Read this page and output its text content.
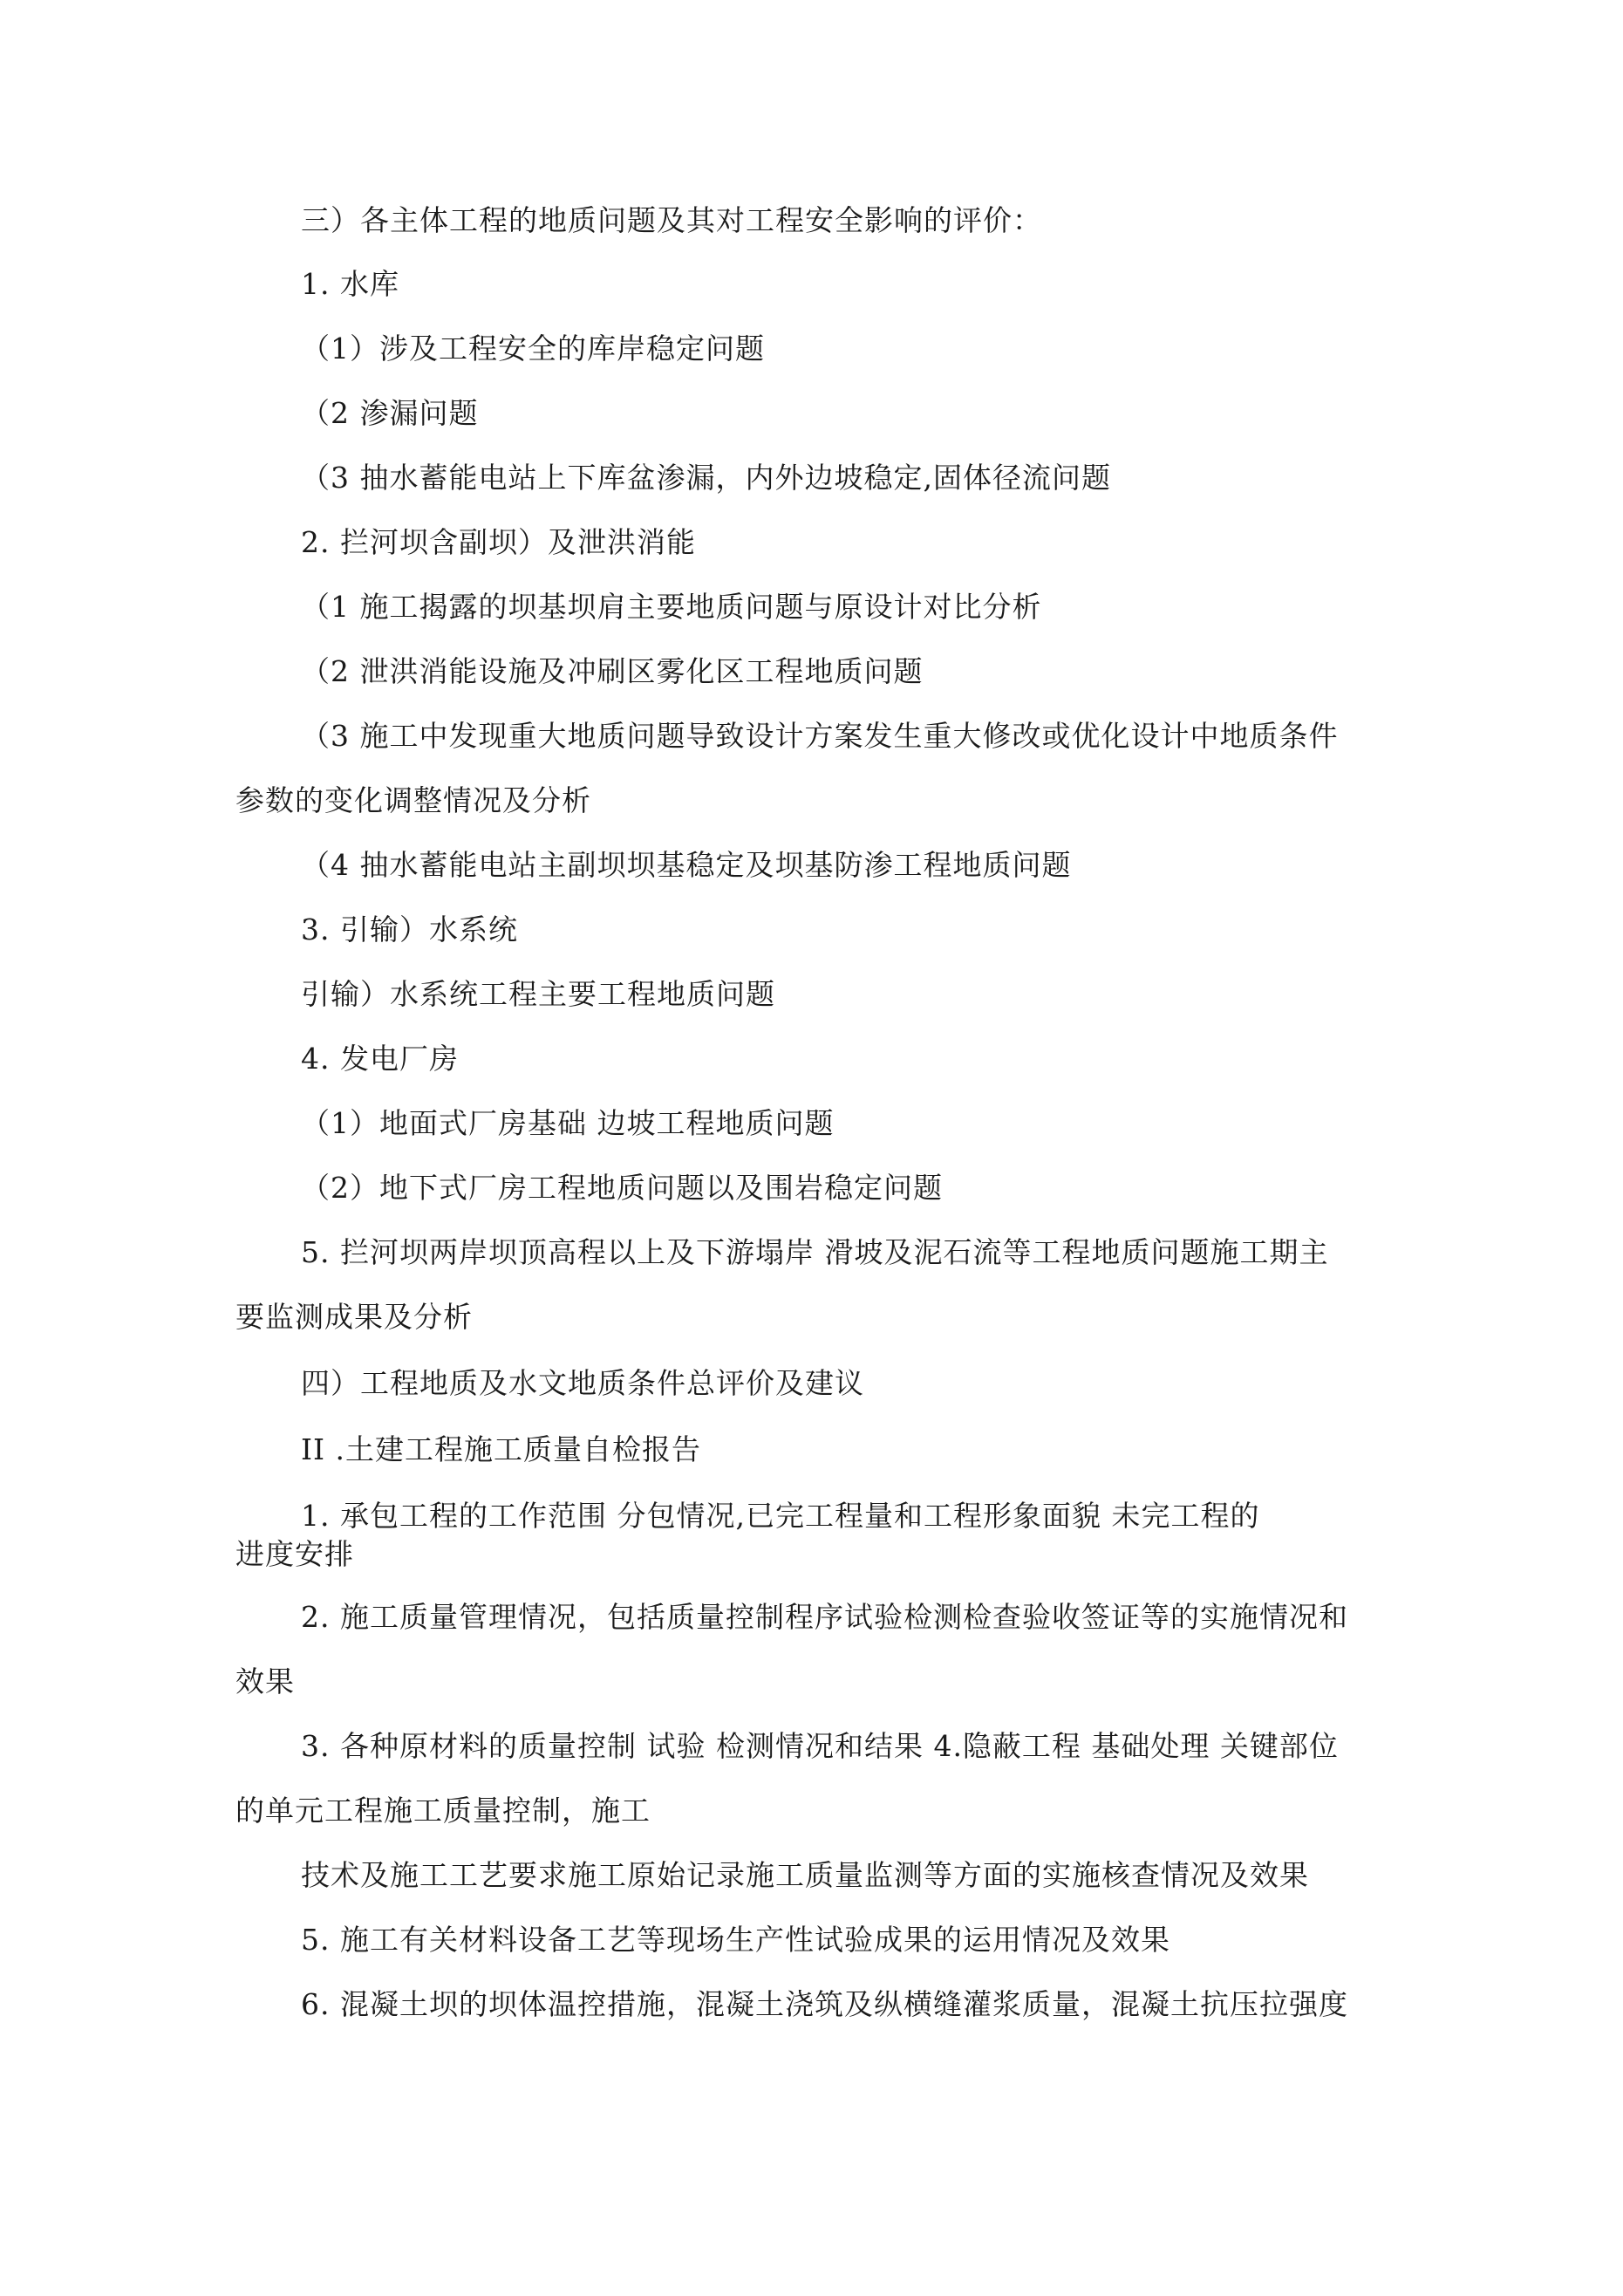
三）各主体工程的地质问题及其对工程安全影响的评价：
1. 水库
（1）涉及工程安全的库岸稳定问题
（2 渗漏问题
（3 抽水蓄能电站上下库盆渗漏，内外边坡稳定,固体径流问题
2. 拦河坝含副坝）及泄洪消能
（1 施工揭露的坝基坝肩主要地质问题与原设计对比分析
（2 泄洪消能设施及冲刷区雾化区工程地质问题
（3 施工中发现重大地质问题导致设计方案发生重大修改或优化设计中地质条件
参数的变化调整情况及分析
（4 抽水蓄能电站主副坝坝基稳定及坝基防渗工程地质问题
3. 引输）水系统
引输）水系统工程主要工程地质问题
4. 发电厂房
（1）地面式厂房基础 边坡工程地质问题
（2）地下式厂房工程地质问题以及围岩稳定问题
5. 拦河坝两岸坝顶高程以上及下游塌岸 滑坡及泥石流等工程地质问题施工期主
要监测成果及分析
四）工程地质及水文地质条件总评价及建议
II .土建工程施工质量自检报告
1. 承包工程的工作范围 分包情况,已完工程量和工程形象面貌 未完工程的
进度安排
2. 施工质量管理情况，包括质量控制程序试验检测检查验收签证等的实施情况和
效果
3. 各种原材料的质量控制 试验 检测情况和结果 4.隐蔽工程 基础处理 关键部位
的单元工程施工质量控制，施工
技术及施工工艺要求施工原始记录施工质量监测等方面的实施核查情况及效果
5. 施工有关材料设备工艺等现场生产性试验成果的运用情况及效果
6. 混凝土坝的坝体温控措施，混凝土浇筑及纵横缝灌浆质量，混凝土抗压拉强度
